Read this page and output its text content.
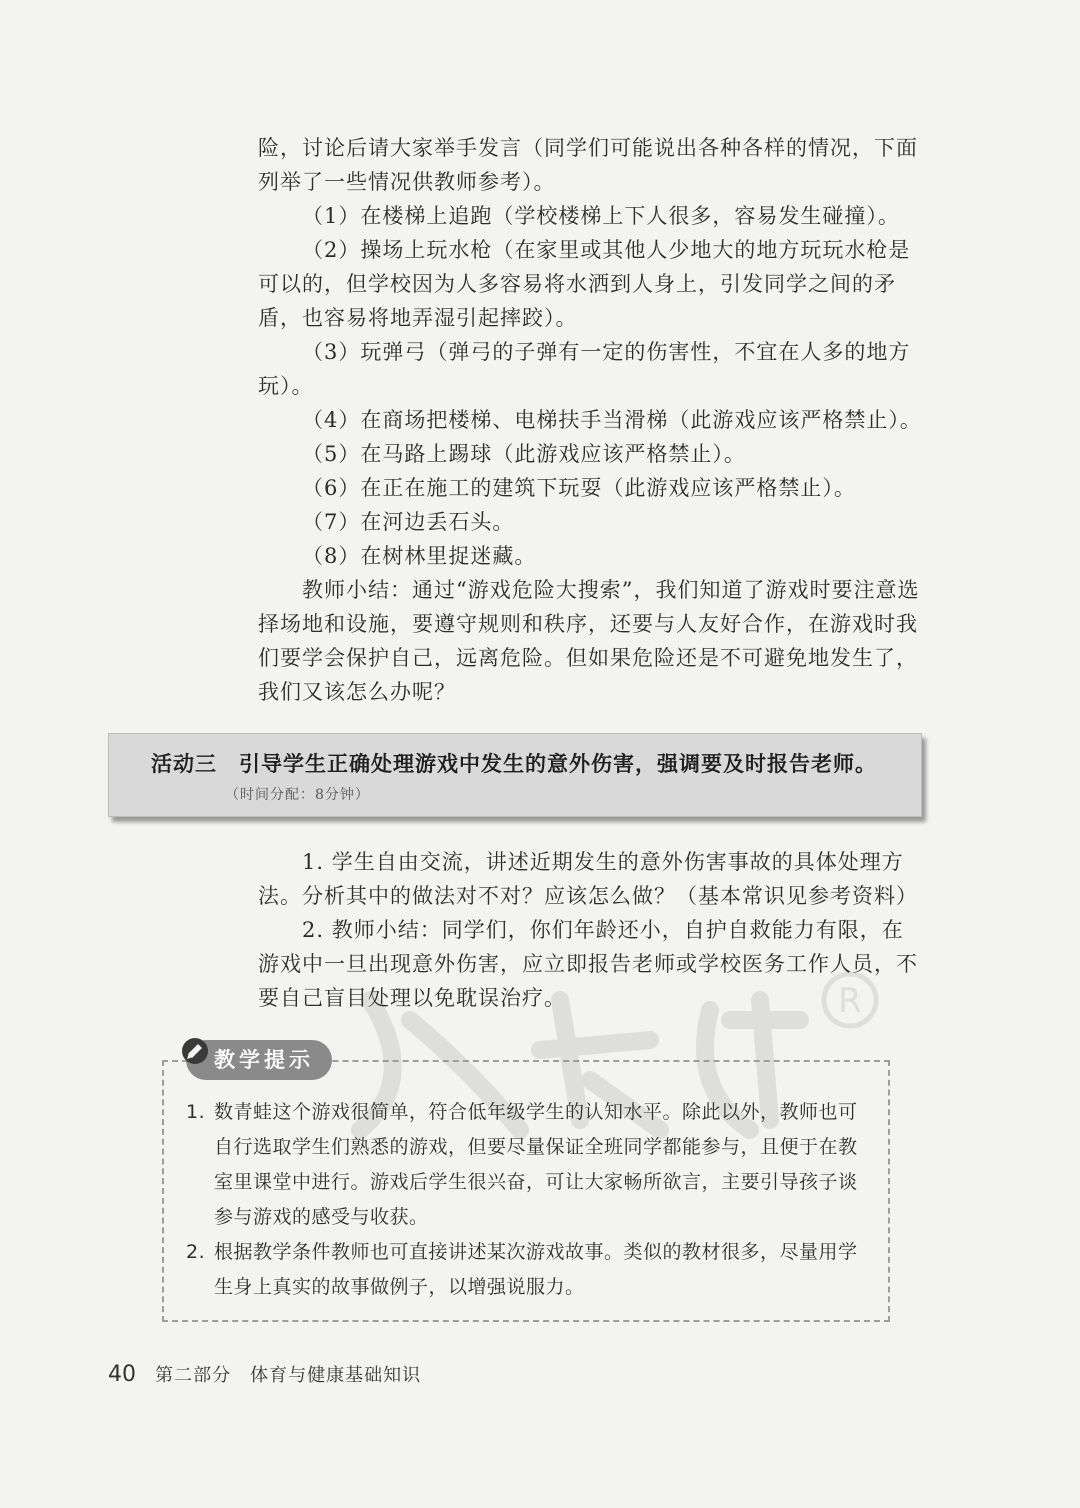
R

险，讨论后请大家举手发言（同学们可能说出各种各样的情况，下面列举了一些情况供教师参考）。

（1）在楼梯上追跑（学校楼梯上下人很多，容易发生碰撞）。

（2）操场上玩水枪（在家里或其他人少地大的地方玩玩水枪是可以的，但学校因为人多容易将水洒到人身上，引发同学之间的矛盾，也容易将地弄湿引起摔跤）。

（3）玩弹弓（弹弓的子弹有一定的伤害性，不宜在人多的地方玩）。

（4）在商场把楼梯、电梯扶手当滑梯（此游戏应该严格禁止）。

（5）在马路上踢球（此游戏应该严格禁止）。

（6）在正在施工的建筑下玩耍（此游戏应该严格禁止）。

（7）在河边丢石头。

（8）在树林里捉迷藏。

教师小结：通过“游戏危险大搜索”，我们知道了游戏时要注意选择场地和设施，要遵守规则和秩序，还要与人友好合作，在游戏时我们要学会保护自己，远离危险。但如果危险还是不可避免地发生了，我们又该怎么办呢？

活动三 引导学生正确处理游戏中发生的意外伤害，强调要及时报告老师。

（时间分配：8分钟）

1. 学生自由交流，讲述近期发生的意外伤害事故的具体处理方法。分析其中的做法对不对？应该怎么做？（基本常识见参考资料）

2. 教师小结：同学们，你们年龄还小，自护自救能力有限，在游戏中一旦出现意外伤害，应立即报告老师或学校医务工作人员，不要自己盲目处理以免耽误治疗。

教学提示

1. 数青蛙这个游戏很简单，符合低年级学生的认知水平。除此以外，教师也可自行选取学生们熟悉的游戏，但要尽量保证全班同学都能参与，且便于在教室里课堂中进行。游戏后学生很兴奋，可让大家畅所欲言，主要引导孩子谈参与游戏的感受与收获。

2. 根据教学条件教师也可直接讲述某次游戏故事。类似的教材很多，尽量用学生身上真实的故事做例子，以增强说服力。

40 第二部分　体育与健康基础知识
